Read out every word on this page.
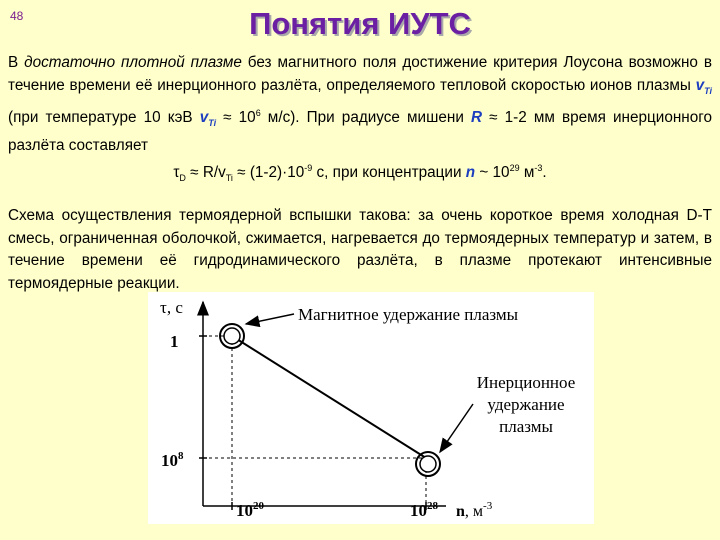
48	Понятия ИУТС
В достаточно плотной плазме без магнитного поля достижение критерия Лоусона возможно в течение времени её инерционного разлёта, определяемого тепловой скоростью ионов плазмы $v_{Ti}$ (при температуре 10 кэВ $v_{Ti} \approx 10^6$ м/с). При радиусе мишени R ≈ 1-2 мм время инерционного разлёта составляет
$\tau_D \approx R/v_{Ti} \approx (1-2)\cdot 10^{-9}$ с, при концентрации n ~ $10^{29}$ $м^{-3}$.
Схема осуществления термоядерной вспышки такова: за очень короткое время холодная D-T смесь, ограниченная оболочкой, сжимается, нагревается до термоядерных температур и затем, в течение времени её гидродинамического разлёта, в плазме протекают интенсивные термоядерные реакции.
τ, с
1
$10^8$
$10^{20}$	$10^{28}$ n, $м^{-3}$
Магнитное удержание плазмы
Инерционное
удержание
плазмы
